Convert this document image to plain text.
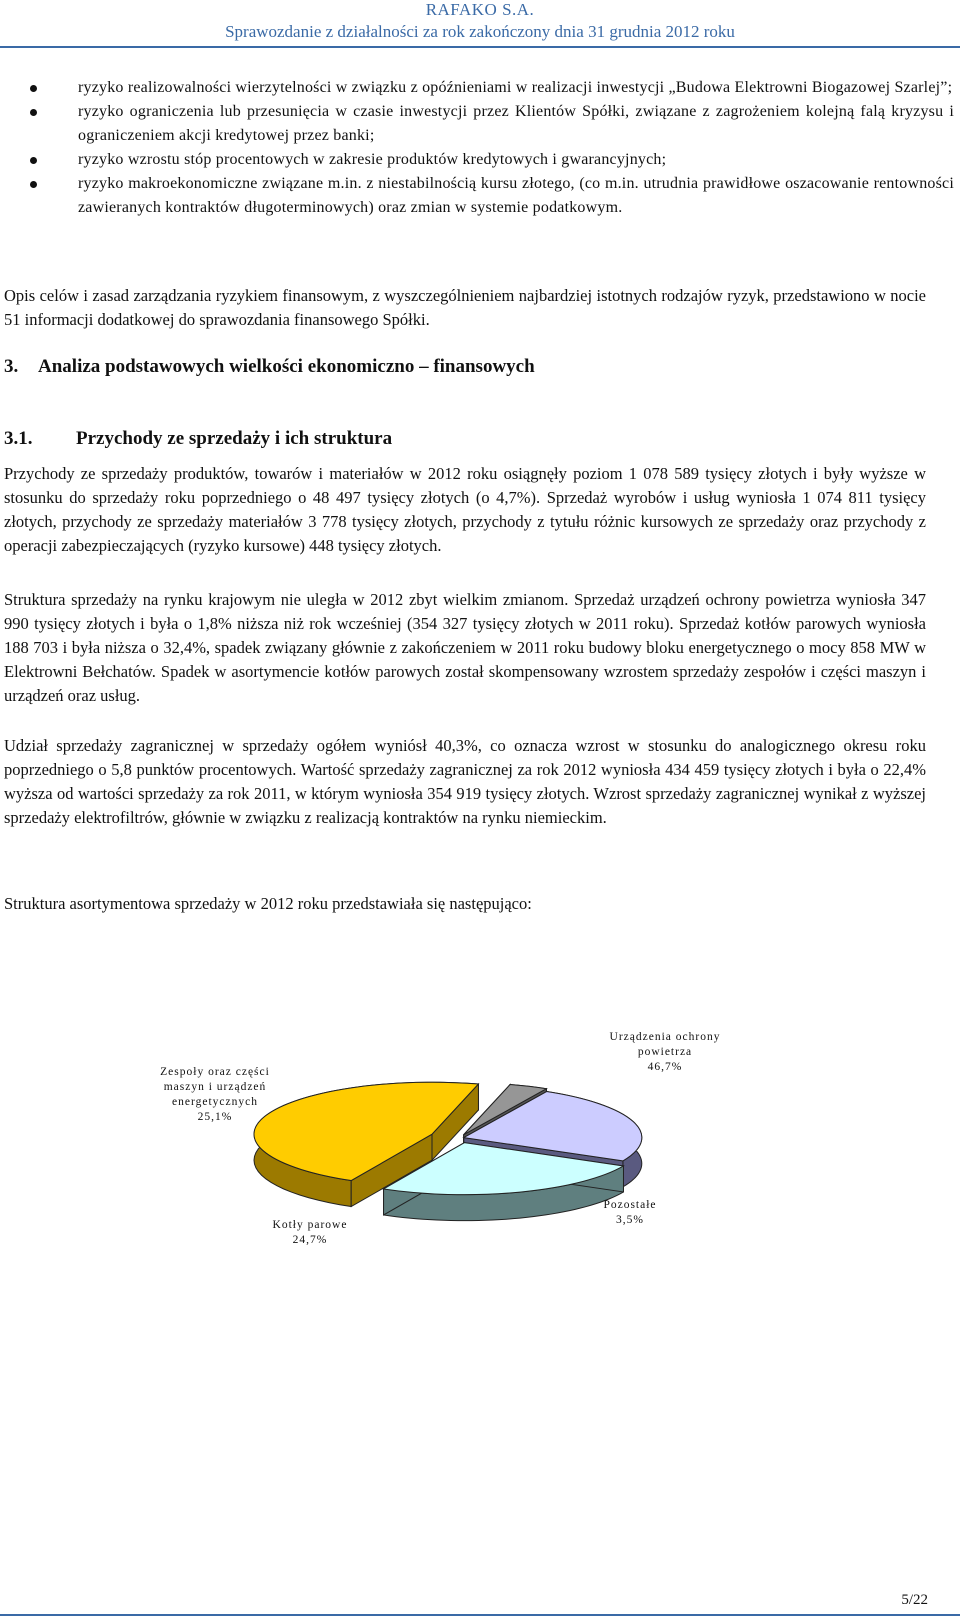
RAFAKO S.A.
Sprawozdanie z działalności za rok zakończony dnia 31 grudnia 2012 roku
ryzyko realizowalności wierzytelności w związku z opóźnieniami w realizacji inwestycji „Budowa Elektrowni Biogazowej Szarlej”;
ryzyko ograniczenia lub przesunięcia w czasie inwestycji przez Klientów Spółki, związane z zagrożeniem kolejną falą kryzysu i ograniczeniem akcji kredytowej przez banki;
ryzyko wzrostu stóp procentowych w zakresie produktów kredytowych i gwarancyjnych;
ryzyko makroekonomiczne związane m.in. z niestabilnością kursu złotego, (co m.in. utrudnia prawidłowe oszacowanie rentowności zawieranych kontraktów długoterminowych) oraz zmian w systemie podatkowym.

Opis celów i zasad zarządzania ryzykiem finansowym, z wyszczególnieniem najbardziej istotnych rodzajów ryzyk, przedstawiono w nocie 51 informacji dodatkowej do sprawozdania finansowego Spółki.

3. Analiza podstawowych wielkości ekonomiczno – finansowych
3.1. Przychody ze sprzedaży i ich struktura

Przychody ze sprzedaży produktów, towarów i materiałów w 2012 roku osiągnęły poziom 1 078 589 tysięcy złotych i były wyższe w stosunku do sprzedaży roku poprzedniego o 48 497 tysięcy złotych (o 4,7%). Sprzedaż wyrobów i usług wyniosła 1 074 811 tysięcy złotych, przychody ze sprzedaży materiałów 3 778 tysięcy złotych, przychody z tytułu różnic kursowych ze sprzedaży oraz przychody z operacji zabezpieczających (ryzyko kursowe) 448 tysięcy złotych.

Struktura sprzedaży na rynku krajowym nie uległa w 2012 zbyt wielkim zmianom. Sprzedaż urządzeń ochrony powietrza wyniosła 347 990 tysięcy złotych i była o 1,8% niższa niż rok wcześniej (354 327 tysięcy złotych w 2011 roku). Sprzedaż kotłów parowych wyniosła 188 703 i była niższa o 32,4%, spadek związany głównie z zakończeniem w 2011 roku budowy bloku energetycznego o mocy 858 MW w Elektrowni Bełchatów. Spadek w asortymencie kotłów parowych został skompensowany wzrostem sprzedaży zespołów i części maszyn i urządzeń oraz usług.

Udział sprzedaży zagranicznej w sprzedaży ogółem wyniósł 40,3%, co oznacza wzrost w stosunku do analogicznego okresu roku poprzedniego o 5,8 punktów procentowych. Wartość sprzedaży zagranicznej za rok 2012 wyniosła 434 459 tysięcy złotych i była o 22,4% wyższa od wartości sprzedaży za rok 2011, w którym wyniosła 354 919 tysięcy złotych. Wzrost sprzedaży zagranicznej wynikał z wyższej sprzedaży elektrofiltrów, głównie w związku z realizacją kontraktów na rynku niemieckim.

Struktura asortymentowa sprzedaży w 2012 roku przedstawiała się następująco:

Urządzenia ochrony
powietrza
46,7%
Zespoły oraz części
maszyn i urządzeń
energetycznych
25,1%
Pozostałe
3,5%
Kotły parowe
24,7%
5/22
